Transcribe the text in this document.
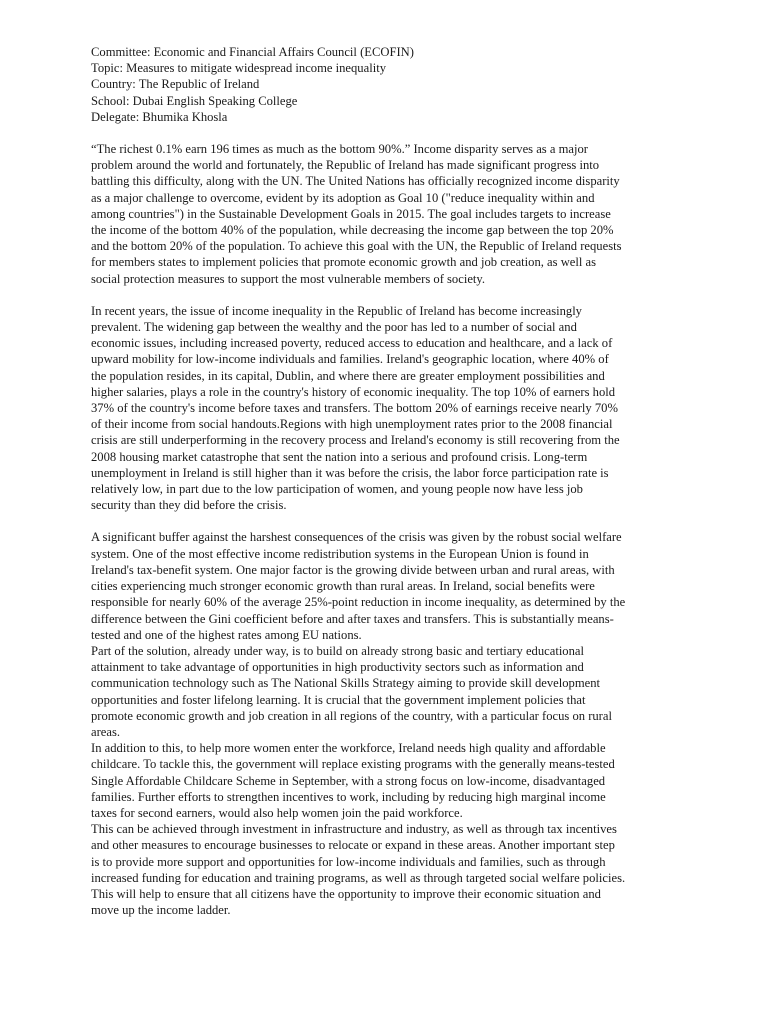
Committee: Economic and Financial Affairs Council (ECOFIN)
Topic: Measures to mitigate widespread income inequality
Country: The Republic of Ireland
School: Dubai English Speaking College
Delegate: Bhumika Khosla

“The richest 0.1% earn 196 times as much as the bottom 90%.” Income disparity serves as a major
problem around the world and fortunately, the Republic of Ireland has made significant progress into
battling this difficulty, along with the UN. The United Nations has officially recognized income disparity
as a major challenge to overcome, evident by its adoption as Goal 10 ("reduce inequality within and
among countries") in the Sustainable Development Goals in 2015. The goal includes targets to increase
the income of the bottom 40% of the population, while decreasing the income gap between the top 20%
and the bottom 20% of the population. To achieve this goal with the UN, the Republic of Ireland requests
for members states to implement policies that promote economic growth and job creation, as well as
social protection measures to support the most vulnerable members of society.

In recent years, the issue of income inequality in the Republic of Ireland has become increasingly
prevalent. The widening gap between the wealthy and the poor has led to a number of social and
economic issues, including increased poverty, reduced access to education and healthcare, and a lack of
upward mobility for low-income individuals and families. Ireland's geographic location, where 40% of
the population resides, in its capital, Dublin, and where there are greater employment possibilities and
higher salaries, plays a role in the country's history of economic inequality. The top 10% of earners hold
37% of the country's income before taxes and transfers. The bottom 20% of earnings receive nearly 70%
of their income from social handouts.Regions with high unemployment rates prior to the 2008 financial
crisis are still underperforming in the recovery process and Ireland's economy is still recovering from the
2008 housing market catastrophe that sent the nation into a serious and profound crisis. Long-term
unemployment in Ireland is still higher than it was before the crisis, the labor force participation rate is
relatively low, in part due to the low participation of women, and young people now have less job
security than they did before the crisis.

A significant buffer against the harshest consequences of the crisis was given by the robust social welfare
system. One of the most effective income redistribution systems in the European Union is found in
Ireland's tax-benefit system. One major factor is the growing divide between urban and rural areas, with
cities experiencing much stronger economic growth than rural areas. In Ireland, social benefits were
responsible for nearly 60% of the average 25%-point reduction in income inequality, as determined by the
difference between the Gini coefficient before and after taxes and transfers. This is substantially means-
tested and one of the highest rates among EU nations.

Part of the solution, already under way, is to build on already strong basic and tertiary educational
attainment to take advantage of opportunities in high productivity sectors such as information and
communication technology such as The National Skills Strategy aiming to provide skill development
opportunities and foster lifelong learning. It is crucial that the government implement policies that
promote economic growth and job creation in all regions of the country, with a particular focus on rural
areas.

In addition to this, to help more women enter the workforce, Ireland needs high quality and affordable
childcare. To tackle this, the government will replace existing programs with the generally means-tested
Single Affordable Childcare Scheme in September, with a strong focus on low-income, disadvantaged
families. Further efforts to strengthen incentives to work, including by reducing high marginal income
taxes for second earners, would also help women join the paid workforce.

This can be achieved through investment in infrastructure and industry, as well as through tax incentives
and other measures to encourage businesses to relocate or expand in these areas. Another important step
is to provide more support and opportunities for low-income individuals and families, such as through
increased funding for education and training programs, as well as through targeted social welfare policies.
This will help to ensure that all citizens have the opportunity to improve their economic situation and
move up the income ladder.
